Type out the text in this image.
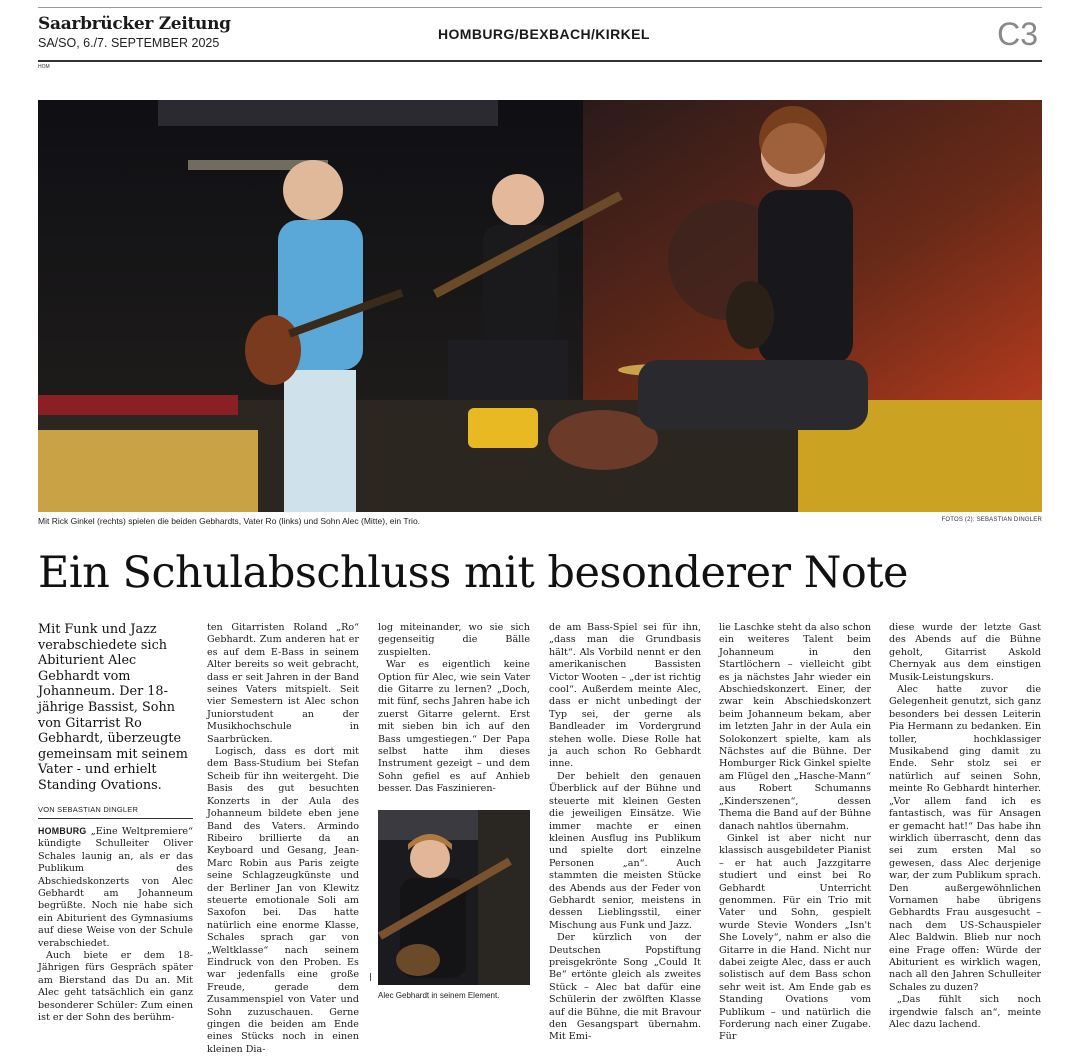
Saarbrücker Zeitung
SA/SO, 6./7. SEPTEMBER 2025
HOMBURG/BEXBACH/KIRKEL	C3
HOM
Mit Rick Ginkel (rechts) spielen die beiden Gebhardts, Vater Ro (links) und Sohn Alec (Mitte), ein Trio.	FOTOS (2): SEBASTIAN DINGLER
Ein Schulabschluss mit besonderer Note

Mit Funk und Jazz verabschiedete sich Abiturient Alec Gebhardt vom Johanneum. Der 18-jährige Bassist, Sohn von Gitarrist Ro Gebhardt, überzeugte gemeinsam mit seinem Vater - und erhielt Standing Ovations.

VON SEBASTIAN DINGLER

HOMBURG „Eine Weltpremiere“ kündigte Schulleiter Oliver Schales launig an, als er das Publikum des Abschiedskonzerts von Alec Gebhardt am Johanneum begrüßte. Noch nie habe sich ein Abiturient des Gymnasiums auf diese Weise von der Schule verabschiedet.

Auch biete er dem 18-Jährigen fürs Gespräch später am Bierstand das Du an. Mit Alec geht tatsächlich ein ganz besonderer Schüler: Zum einen ist er der Sohn des berühm-

ten Gitarristen Roland „Ro“ Gebhardt. Zum anderen hat er es auf dem E-Bass in seinem Alter bereits so weit gebracht, dass er seit Jahren in der Band seines Vaters mitspielt. Seit vier Semestern ist Alec schon Juniorstudent an der Musikhochschule in Saarbrücken.

Logisch, dass es dort mit dem Bass-Studium bei Stefan Scheib für ihn weitergeht. Die Basis des gut besuchten Konzerts in der Aula des Johanneum bildete eben jene Band des Vaters. Armindo Ribeiro brillierte da an Keyboard und Gesang, Jean-Marc Robin aus Paris zeigte seine Schlagzeugkünste und der Berliner Jan von Klewitz steuerte emotionale Soli am Saxofon bei. Das hatte natürlich eine enorme Klasse, Schales sprach gar von „Weltklasse“ nach seinem Eindruck von den Proben. Es war jedenfalls eine große Freude, gerade dem Zusammenspiel von Vater und Sohn zuzuschauen. Gerne gingen die beiden am Ende eines Stücks noch in einen kleinen Dia-

log miteinander, wo sie sich gegenseitig die Bälle zuspielten.

War es eigentlich keine Option für Alec, wie sein Vater die Gitarre zu lernen? „Doch, mit fünf, sechs Jahren habe ich zuerst Gitarre gelernt. Erst mit sieben bin ich auf den Bass umgestiegen.“ Der Papa selbst hatte ihm dieses Instrument gezeigt – und dem Sohn gefiel es auf Anhieb besser. Das Faszinieren-

Alec Gebhardt in seinem Element.

de am Bass-Spiel sei für ihn, „dass man die Grundbasis hält“. Als Vorbild nennt er den amerikanischen Bassisten Victor Wooten – „der ist richtig cool“. Außerdem meinte Alec, dass er nicht unbedingt der Typ sei, der gerne als Bandleader im Vordergrund stehen wolle. Diese Rolle hat ja auch schon Ro Gebhardt inne.

Der behielt den genauen Überblick auf der Bühne und steuerte mit kleinen Gesten die jeweiligen Einsätze. Wie immer machte er einen kleinen Ausflug ins Publikum und spielte dort einzelne Personen „an“. Auch stammten die meisten Stücke des Abends aus der Feder von Gebhardt senior, meistens in dessen Lieblingsstil, einer Mischung aus Funk und Jazz.

Der kürzlich von der Deutschen Popstiftung preisgekrönte Song „Could It Be“ ertönte gleich als zweites Stück – Alec bat dafür eine Schülerin der zwölften Klasse auf die Bühne, die mit Bravour den Gesangspart übernahm. Mit Emi-

lie Laschke steht da also schon ein weiteres Talent beim Johanneum in den Startlöchern – vielleicht gibt es ja nächstes Jahr wieder ein Abschiedskonzert. Einer, der zwar kein Abschiedskonzert beim Johanneum bekam, aber im letzten Jahr in der Aula ein Solokonzert spielte, kam als Nächstes auf die Bühne. Der Homburger Rick Ginkel spielte am Flügel den „Hasche-Mann“ aus Robert Schumanns „Kinderszenen“, dessen Thema die Band auf der Bühne danach nahtlos übernahm.

Ginkel ist aber nicht nur klassisch ausgebildeter Pianist – er hat auch Jazzgitarre studiert und einst bei Ro Gebhardt Unterricht genommen. Für ein Trio mit Vater und Sohn, gespielt wurde Stevie Wonders „Isn't She Lovely“, nahm er also die Gitarre in die Hand. Nicht nur dabei zeigte Alec, dass er auch solistisch auf dem Bass schon sehr weit ist. Am Ende gab es Standing Ovations vom Publikum – und natürlich die Forderung nach einer Zugabe. Für

diese wurde der letzte Gast des Abends auf die Bühne geholt, Gitarrist Askold Chernyak aus dem einstigen Musik-Leistungskurs.

Alec hatte zuvor die Gelegenheit genutzt, sich ganz besonders bei dessen Leiterin Pia Hermann zu bedanken. Ein toller, hochklassiger Musikabend ging damit zu Ende. Sehr stolz sei er natürlich auf seinen Sohn, meinte Ro Gebhardt hinterher. „Vor allem fand ich es fantastisch, was für Ansagen er gemacht hat!“ Das habe ihn wirklich überrascht, denn das sei zum ersten Mal so gewesen, dass Alec derjenige war, der zum Publikum sprach. Den außergewöhnlichen Vornamen habe übrigens Gebhardts Frau ausgesucht – nach dem US-Schauspieler Alec Baldwin. Blieb nur noch eine Frage offen: Würde der Abiturient es wirklich wagen, nach all den Jahren Schulleiter Schales zu duzen?

„Das fühlt sich noch irgendwie falsch an“, meinte Alec dazu lachend.
